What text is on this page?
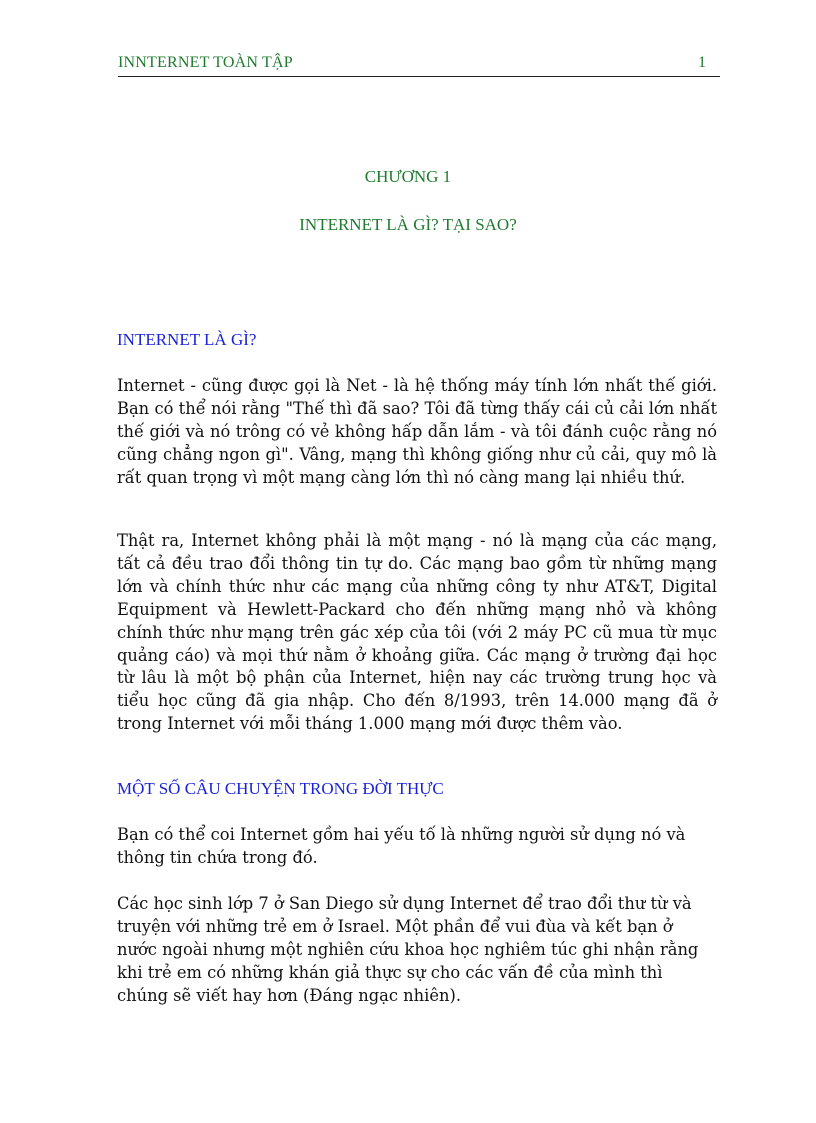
INNTERNET TOÀN TẬP	1
CHƯƠNG 1
INTERNET LÀ GÌ? TẠI SAO?
INTERNET LÀ GÌ?

Internet - cũng được gọi là Net - là hệ thống máy tính lớn nhất thế giới. Bạn có thể nói rằng "Thế thì đã sao? Tôi đã từng thấy cái củ cải lớn nhất thế giới và nó trông có vẻ không hấp dẫn lắm - và tôi đánh cuộc rằng nó cũng chẳng ngon gì". Vâng, mạng thì không giống như củ cải, quy mô là rất quan trọng vì một mạng càng lớn thì nó càng mang lại nhiều thứ.

Thật ra, Internet không phải là một mạng - nó là mạng của các mạng, tất cả đều trao đổi thông tin tự do. Các mạng bao gồm từ những mạng lớn và chính thức như các mạng của những công ty như AT&T, Digital Equipment và Hewlett-Packard cho đến những mạng nhỏ và không chính thức như mạng trên gác xép của tôi (với 2 máy PC cũ mua từ mục quảng cáo) và mọi thứ nằm ở khoảng giữa. Các mạng ở trường đại học từ lâu là một bộ phận của Internet, hiện nay các trường trung học và tiểu học cũng đã gia nhập. Cho đến 8/1993, trên 14.000 mạng đã ở trong Internet với mỗi tháng 1.000 mạng mới được thêm vào.

MỘT SỐ CÂU CHUYỆN TRONG ĐỜI THỰC

Bạn có thể coi Internet gồm hai yếu tố là những người sử dụng nó và thông tin chứa trong đó.

Các học sinh lớp 7 ở San Diego sử dụng Internet để trao đổi thư từ và truyện với những trẻ em ở Israel. Một phần để vui đùa và kết bạn ở nước ngoài nhưng một nghiên cứu khoa học nghiêm túc ghi nhận rằng khi trẻ em có những khán giả thực sự cho các vấn đề của mình thì chúng sẽ viết hay hơn (Đáng ngạc nhiên).
